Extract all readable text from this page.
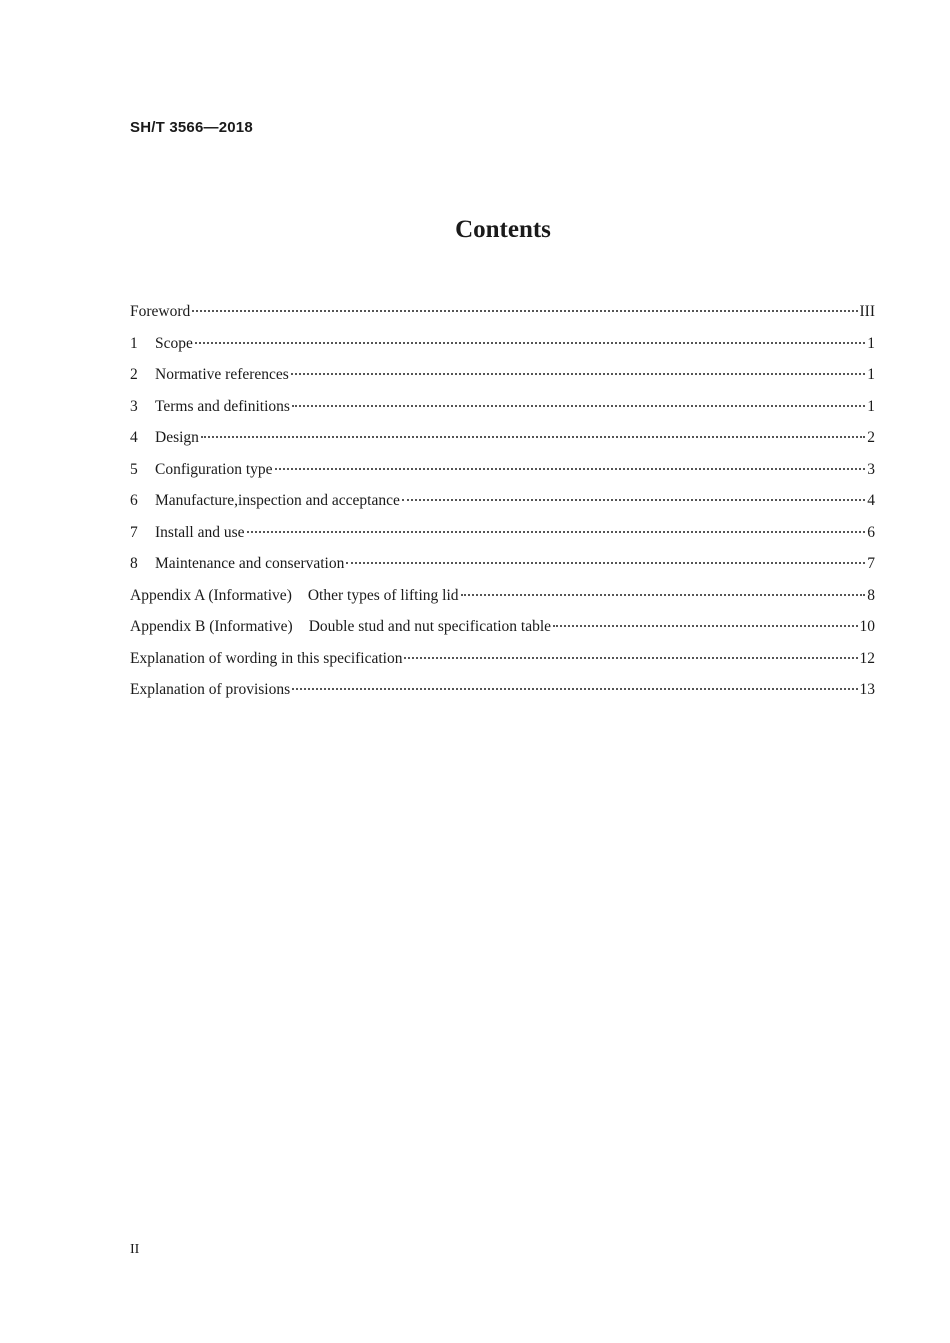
SH/T 3566—2018
Contents
Foreword	III
1	Scope	1
2	Normative references	1
3	Terms and definitions	1
4	Design	2
5	Configuration type	3
6	Manufacture,inspection and acceptance	4
7	Install and use	6
8	Maintenance and conservation	7
Appendix A (Informative) Other types of lifting lid	8
Appendix B (Informative) Double stud and nut specification table	10
Explanation of wording in this specification	12
Explanation of provisions	13
II
